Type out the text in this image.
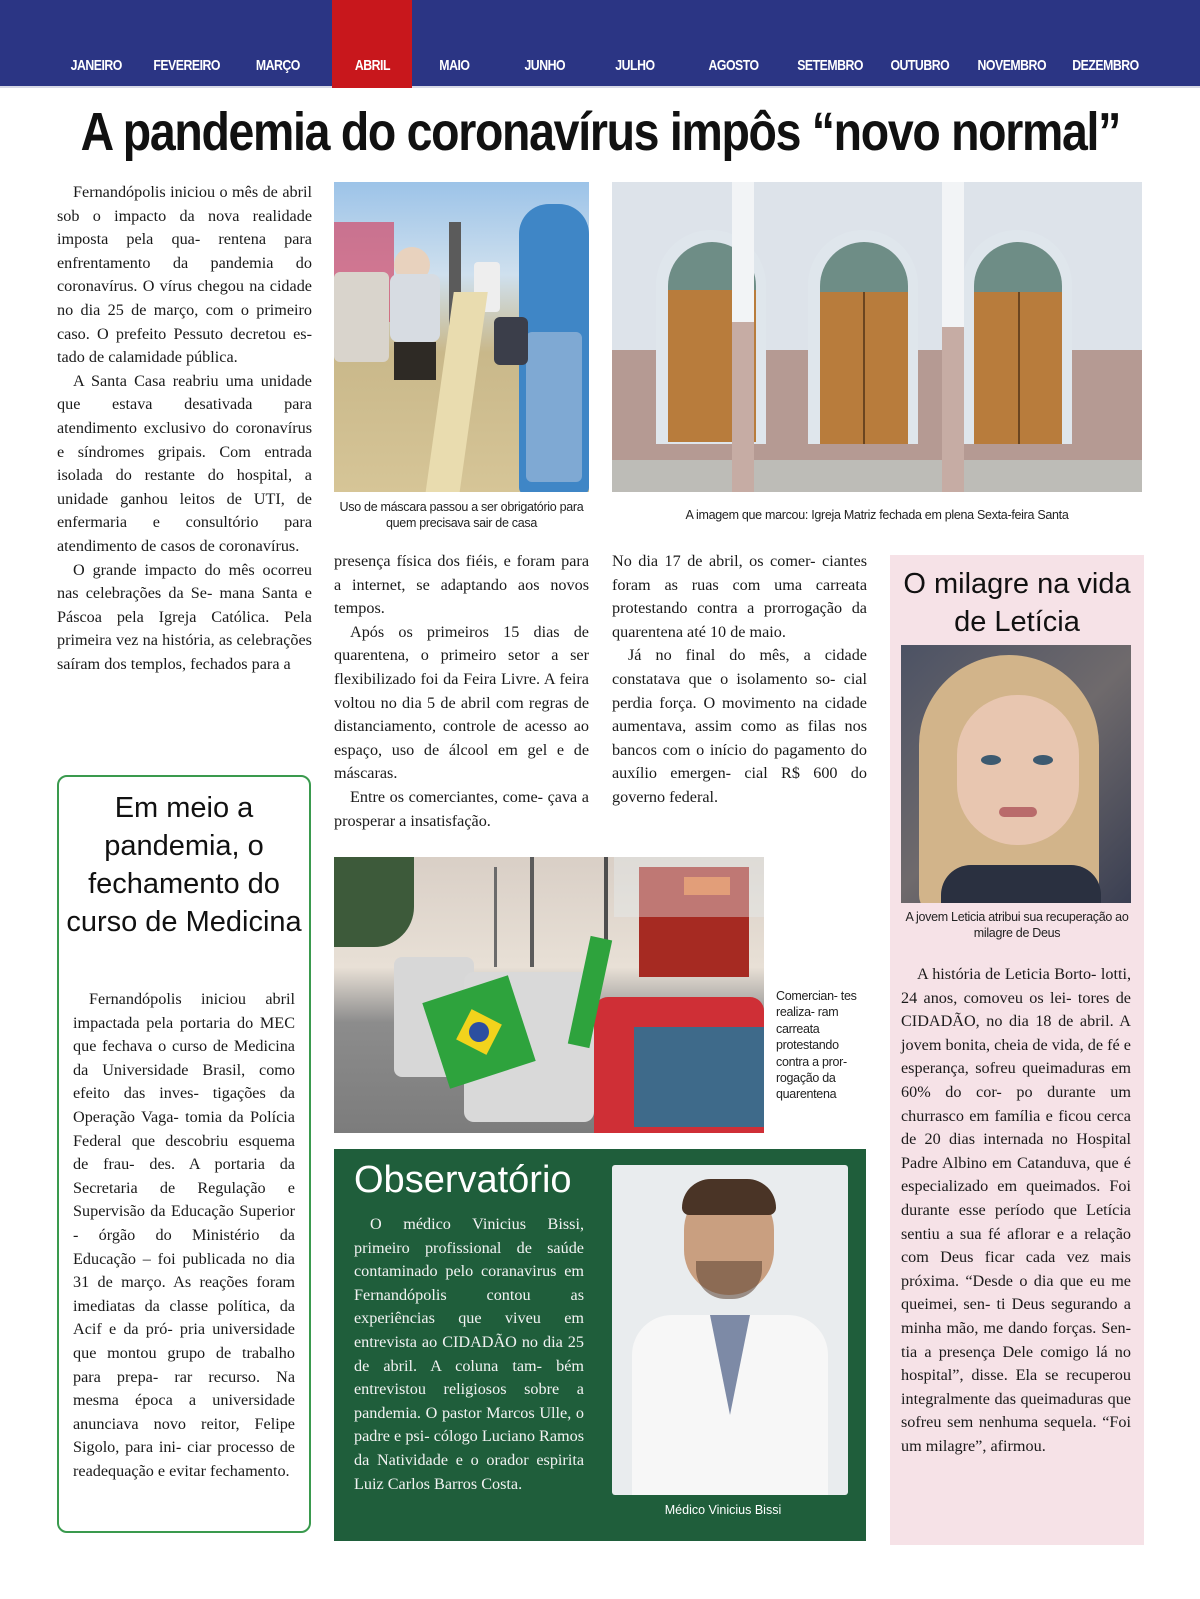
JANEIRO FEVEREIRO MARÇO	ABRIL	MAIO	JUNHO	JULHO	AGOSTO	SETEMBRO OUTUBRO NOVEMBRO DEZEMBRO
A pandemia do coronavírus impôs “novo normal”

Fernandópolis iniciou o mês de abril sob o impacto da nova realidade imposta pela qua- rentena para enfrentamento da pandemia do coronavírus. O vírus chegou na cidade no dia 25 de março, com o primeiro caso. O prefeito Pessuto decretou es- tado de calamidade pública.

A Santa Casa reabriu uma unidade que estava desativada para atendimento exclusivo do coronavírus e síndromes gripais. Com entrada isolada do restante do hospital, a unidade ganhou leitos de UTI, de enfermaria e consultório para atendimento de casos de coronavírus.

O grande impacto do mês ocorreu nas celebrações da Se- mana Santa e Páscoa pela Igreja Católica. Pela primeira vez na história, as celebrações saíram dos templos, fechados para a

Uso de máscara passou a ser obrigatório para quem precisava sair de casa
A imagem que marcou: Igreja Matriz fechada em plena Sexta-feira Santa

presença física dos fiéis, e foram para a internet, se adaptando aos novos tempos.

Após os primeiros 15 dias de quarentena, o primeiro setor a ser flexibilizado foi da Feira Livre. A feira voltou no dia 5 de abril com regras de distanciamento, controle de acesso ao espaço, uso de álcool em gel e de máscaras.

Entre os comerciantes, come- çava a prosperar a insatisfação.

No dia 17 de abril, os comer- ciantes foram as ruas com uma carreata protestando contra a prorrogação da quarentena até 10 de maio.

Já no final do mês, a cidade constatava que o isolamento so- cial perdia força. O movimento na cidade aumentava, assim como as filas nos bancos com o início do pagamento do auxílio emergen- cial R$ 600 do governo federal.

Comercian- tes realiza- ram carreata protestando contra a pror- rogação da quarentena
Em meio a pandemia, o fechamento do curso de Medicina

Fernandópolis iniciou abril impactada pela portaria do MEC que fechava o curso de Medicina da Universidade Brasil, como efeito das inves- tigações da Operação Vaga- tomia da Polícia Federal que descobriu esquema de frau- des. A portaria da Secretaria de Regulação e Supervisão da Educação Superior - órgão do Ministério da Educação – foi publicada no dia 31 de março. As reações foram imediatas da classe política, da Acif e da pró- pria universidade que montou grupo de trabalho para prepa- rar recurso. Na mesma época a universidade anunciava novo reitor, Felipe Sigolo, para ini- ciar processo de readequação e evitar fechamento.

O milagre na vida de Letícia
A jovem Leticia atribui sua recuperação ao milagre de Deus

A história de Leticia Borto- lotti, 24 anos, comoveu os lei- tores de CIDADÃO, no dia 18 de abril. A jovem bonita, cheia de vida, de fé e esperança, sofreu queimaduras em 60% do cor- po durante um churrasco em família e ficou cerca de 20 dias internada no Hospital Padre Albino em Catanduva, que é especializado em queimados. Foi durante esse período que Letícia sentiu a sua fé aflorar e a relação com Deus ficar cada vez mais próxima. “Desde o dia que eu me queimei, sen- ti Deus segurando a minha mão, me dando forças. Sen- tia a presença Dele comigo lá no hospital”, disse. Ela se recuperou integralmente das queimaduras que sofreu sem nenhuma sequela. “Foi um milagre”, afirmou.

Observatório

O médico Vinicius Bissi, primeiro profissional de saúde contaminado pelo coranavirus em Fernandópolis contou as experiências que viveu em entrevista ao CIDADÃO no dia 25 de abril. A coluna tam- bém entrevistou religiosos sobre a pandemia. O pastor Marcos Ulle, o padre e psi- cólogo Luciano Ramos da Natividade e o orador espirita Luiz Carlos Barros Costa.

Médico Vinicius Bissi
